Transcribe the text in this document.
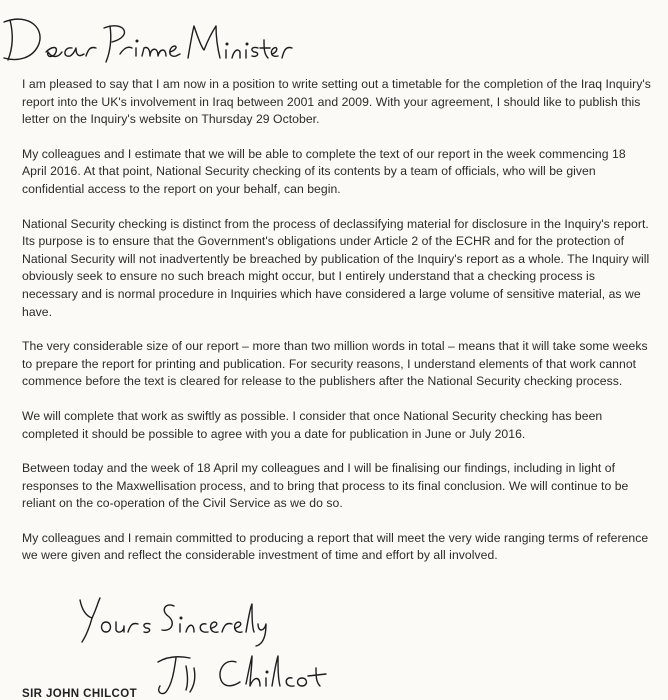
Dear Prime Minister

I am pleased to say that I am now in a position to write setting out a timetable for the completion of the Iraq Inquiry's report into the UK's involvement in Iraq between 2001 and 2009. With your agreement, I should like to publish this letter on the Inquiry's website on Thursday 29 October.

My colleagues and I estimate that we will be able to complete the text of our report in the week commencing 18 April 2016. At that point, National Security checking of its contents by a team of officials, who will be given confidential access to the report on your behalf, can begin.

National Security checking is distinct from the process of declassifying material for disclosure in the Inquiry's report. Its purpose is to ensure that the Government's obligations under Article 2 of the ECHR and for the protection of National Security will not inadvertently be breached by publication of the Inquiry's report as a whole. The Inquiry will obviously seek to ensure no such breach might occur, but I entirely understand that a checking process is necessary and is normal procedure in Inquiries which have considered a large volume of sensitive material, as we have.

The very considerable size of our report – more than two million words in total – means that it will take some weeks to prepare the report for printing and publication. For security reasons, I understand elements of that work cannot commence before the text is cleared for release to the publishers after the National Security checking process.

We will complete that work as swiftly as possible. I consider that once National Security checking has been completed it should be possible to agree with you a date for publication in June or July 2016.

Between today and the week of 18 April my colleagues and I will be finalising our findings, including in light of responses to the Maxwellisation process, and to bring that process to its final conclusion. We will continue to be reliant on the co-operation of the Civil Service as we do so.

My colleagues and I remain committed to producing a report that will meet the very wide ranging terms of reference we were given and reflect the considerable investment of time and effort by all involved.

Yours Sincerely

SIR JOHN CHILCOT
